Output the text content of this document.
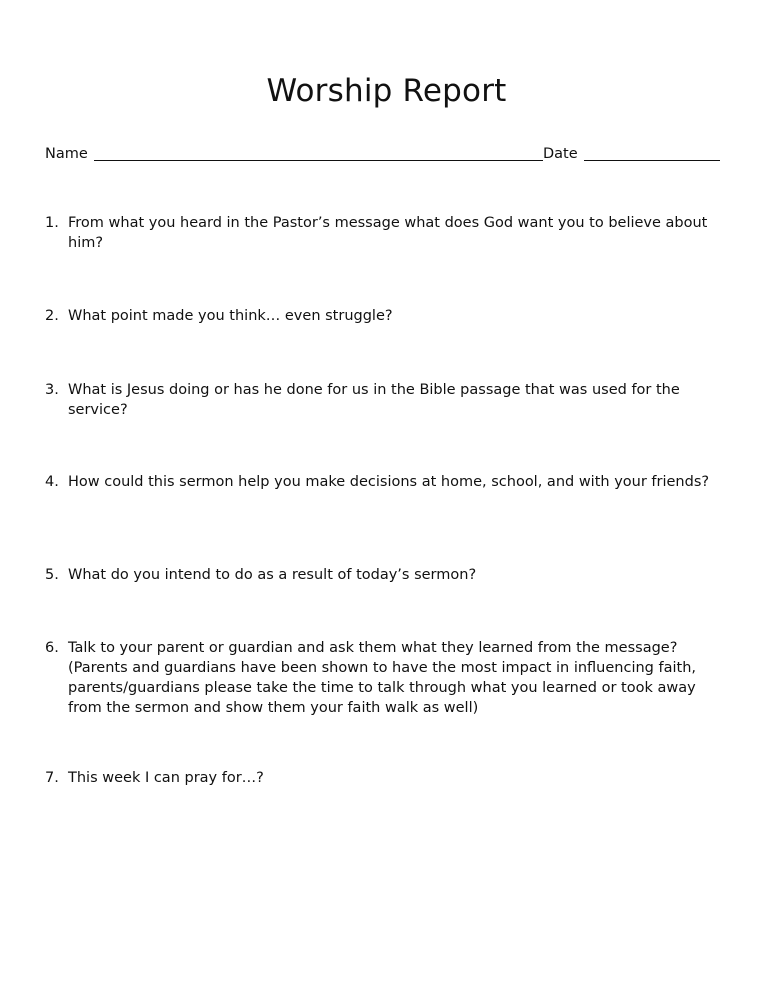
Worship Report
Name	Date
1. From what you heard in the Pastor’s message what does God want you to believe about him?
2. What point made you think… even struggle?
3. What is Jesus doing or has he done for us in the Bible passage that was used for the service?
4. How could this sermon help you make decisions at home, school, and with your friends?
5. What do you intend to do as a result of today’s sermon?
6. Talk to your parent or guardian and ask them what they learned from the message? (Parents and guardians have been shown to have the most impact in influencing faith, parents/guardians please take the time to talk through what you learned or took away from the sermon and show them your faith walk as well)
7. This week I can pray for…?
